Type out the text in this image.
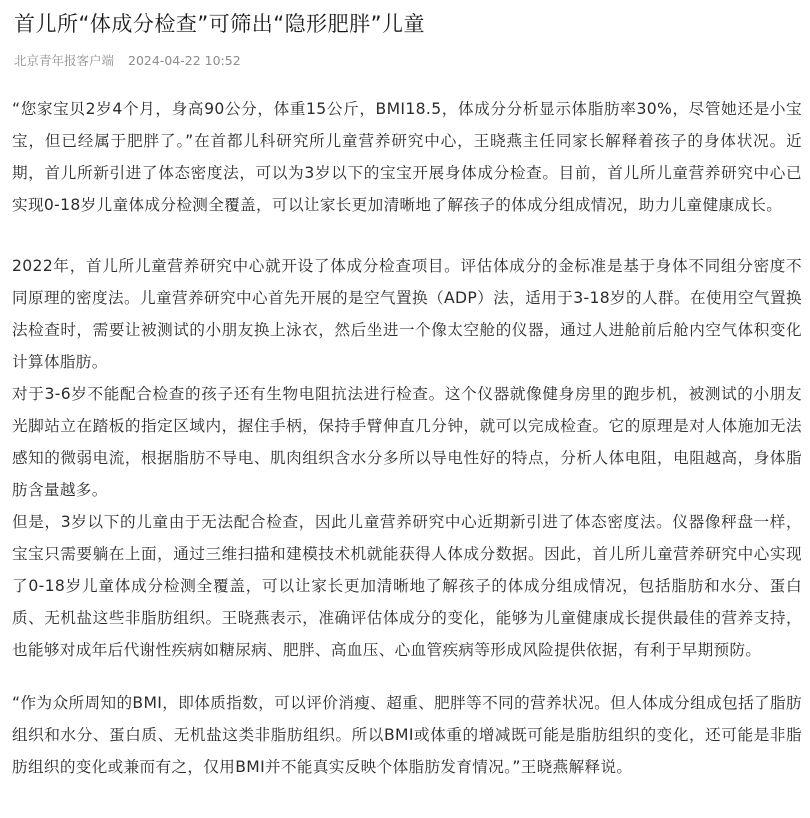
首儿所“体成分检查”可筛出“隐形肥胖”儿童
北京青年报客户端 2024-04-22 10:52

“您家宝贝2岁4个月，身高90公分，体重15公斤，BMI18.5，体成分分析显示体脂肪率30%，尽管她还是小宝宝，但已经属于肥胖了。”在首都儿科研究所儿童营养研究中心，王晓燕主任同家长解释着孩子的身体状况。近期，首儿所新引进了体态密度法，可以为3岁以下的宝宝开展身体成分检查。目前，首儿所儿童营养研究中心已实现0-18岁儿童体成分检测全覆盖，可以让家长更加清晰地了解孩子的体成分组成情况，助力儿童健康成长。

2022年，首儿所儿童营养研究中心就开设了体成分检查项目。评估体成分的金标准是基于身体不同组分密度不同原理的密度法。儿童营养研究中心首先开展的是空气置换（ADP）法，适用于3-18岁的人群。在使用空气置换法检查时，需要让被测试的小朋友换上泳衣，然后坐进一个像太空舱的仪器，通过人进舱前后舱内空气体积变化计算体脂肪。

对于3-6岁不能配合检查的孩子还有生物电阻抗法进行检查。这个仪器就像健身房里的跑步机，被测试的小朋友光脚站立在踏板的指定区域内，握住手柄，保持手臂伸直几分钟，就可以完成检查。它的原理是对人体施加无法感知的微弱电流，根据脂肪不导电、肌肉组织含水分多所以导电性好的特点，分析人体电阻，电阻越高，身体脂肪含量越多。

但是，3岁以下的儿童由于无法配合检查，因此儿童营养研究中心近期新引进了体态密度法。仪器像秤盘一样，宝宝只需要躺在上面，通过三维扫描和建模技术机就能获得人体成分数据。因此，首儿所儿童营养研究中心实现了0-18岁儿童体成分检测全覆盖，可以让家长更加清晰地了解孩子的体成分组成情况，包括脂肪和水分、蛋白质、无机盐这些非脂肪组织。王晓燕表示，准确评估体成分的变化，能够为儿童健康成长提供最佳的营养支持，也能够对成年后代谢性疾病如糖尿病、肥胖、高血压、心血管疾病等形成风险提供依据，有利于早期预防。

“作为众所周知的BMI，即体质指数，可以评价消瘦、超重、肥胖等不同的营养状况。但人体成分组成包括了脂肪组织和水分、蛋白质、无机盐这类非脂肪组织。所以BMI或体重的增减既可能是脂肪组织的变化，还可能是非脂肪组织的变化或兼而有之，仅用BMI并不能真实反映个体脂肪发育情况。”王晓燕解释说。
